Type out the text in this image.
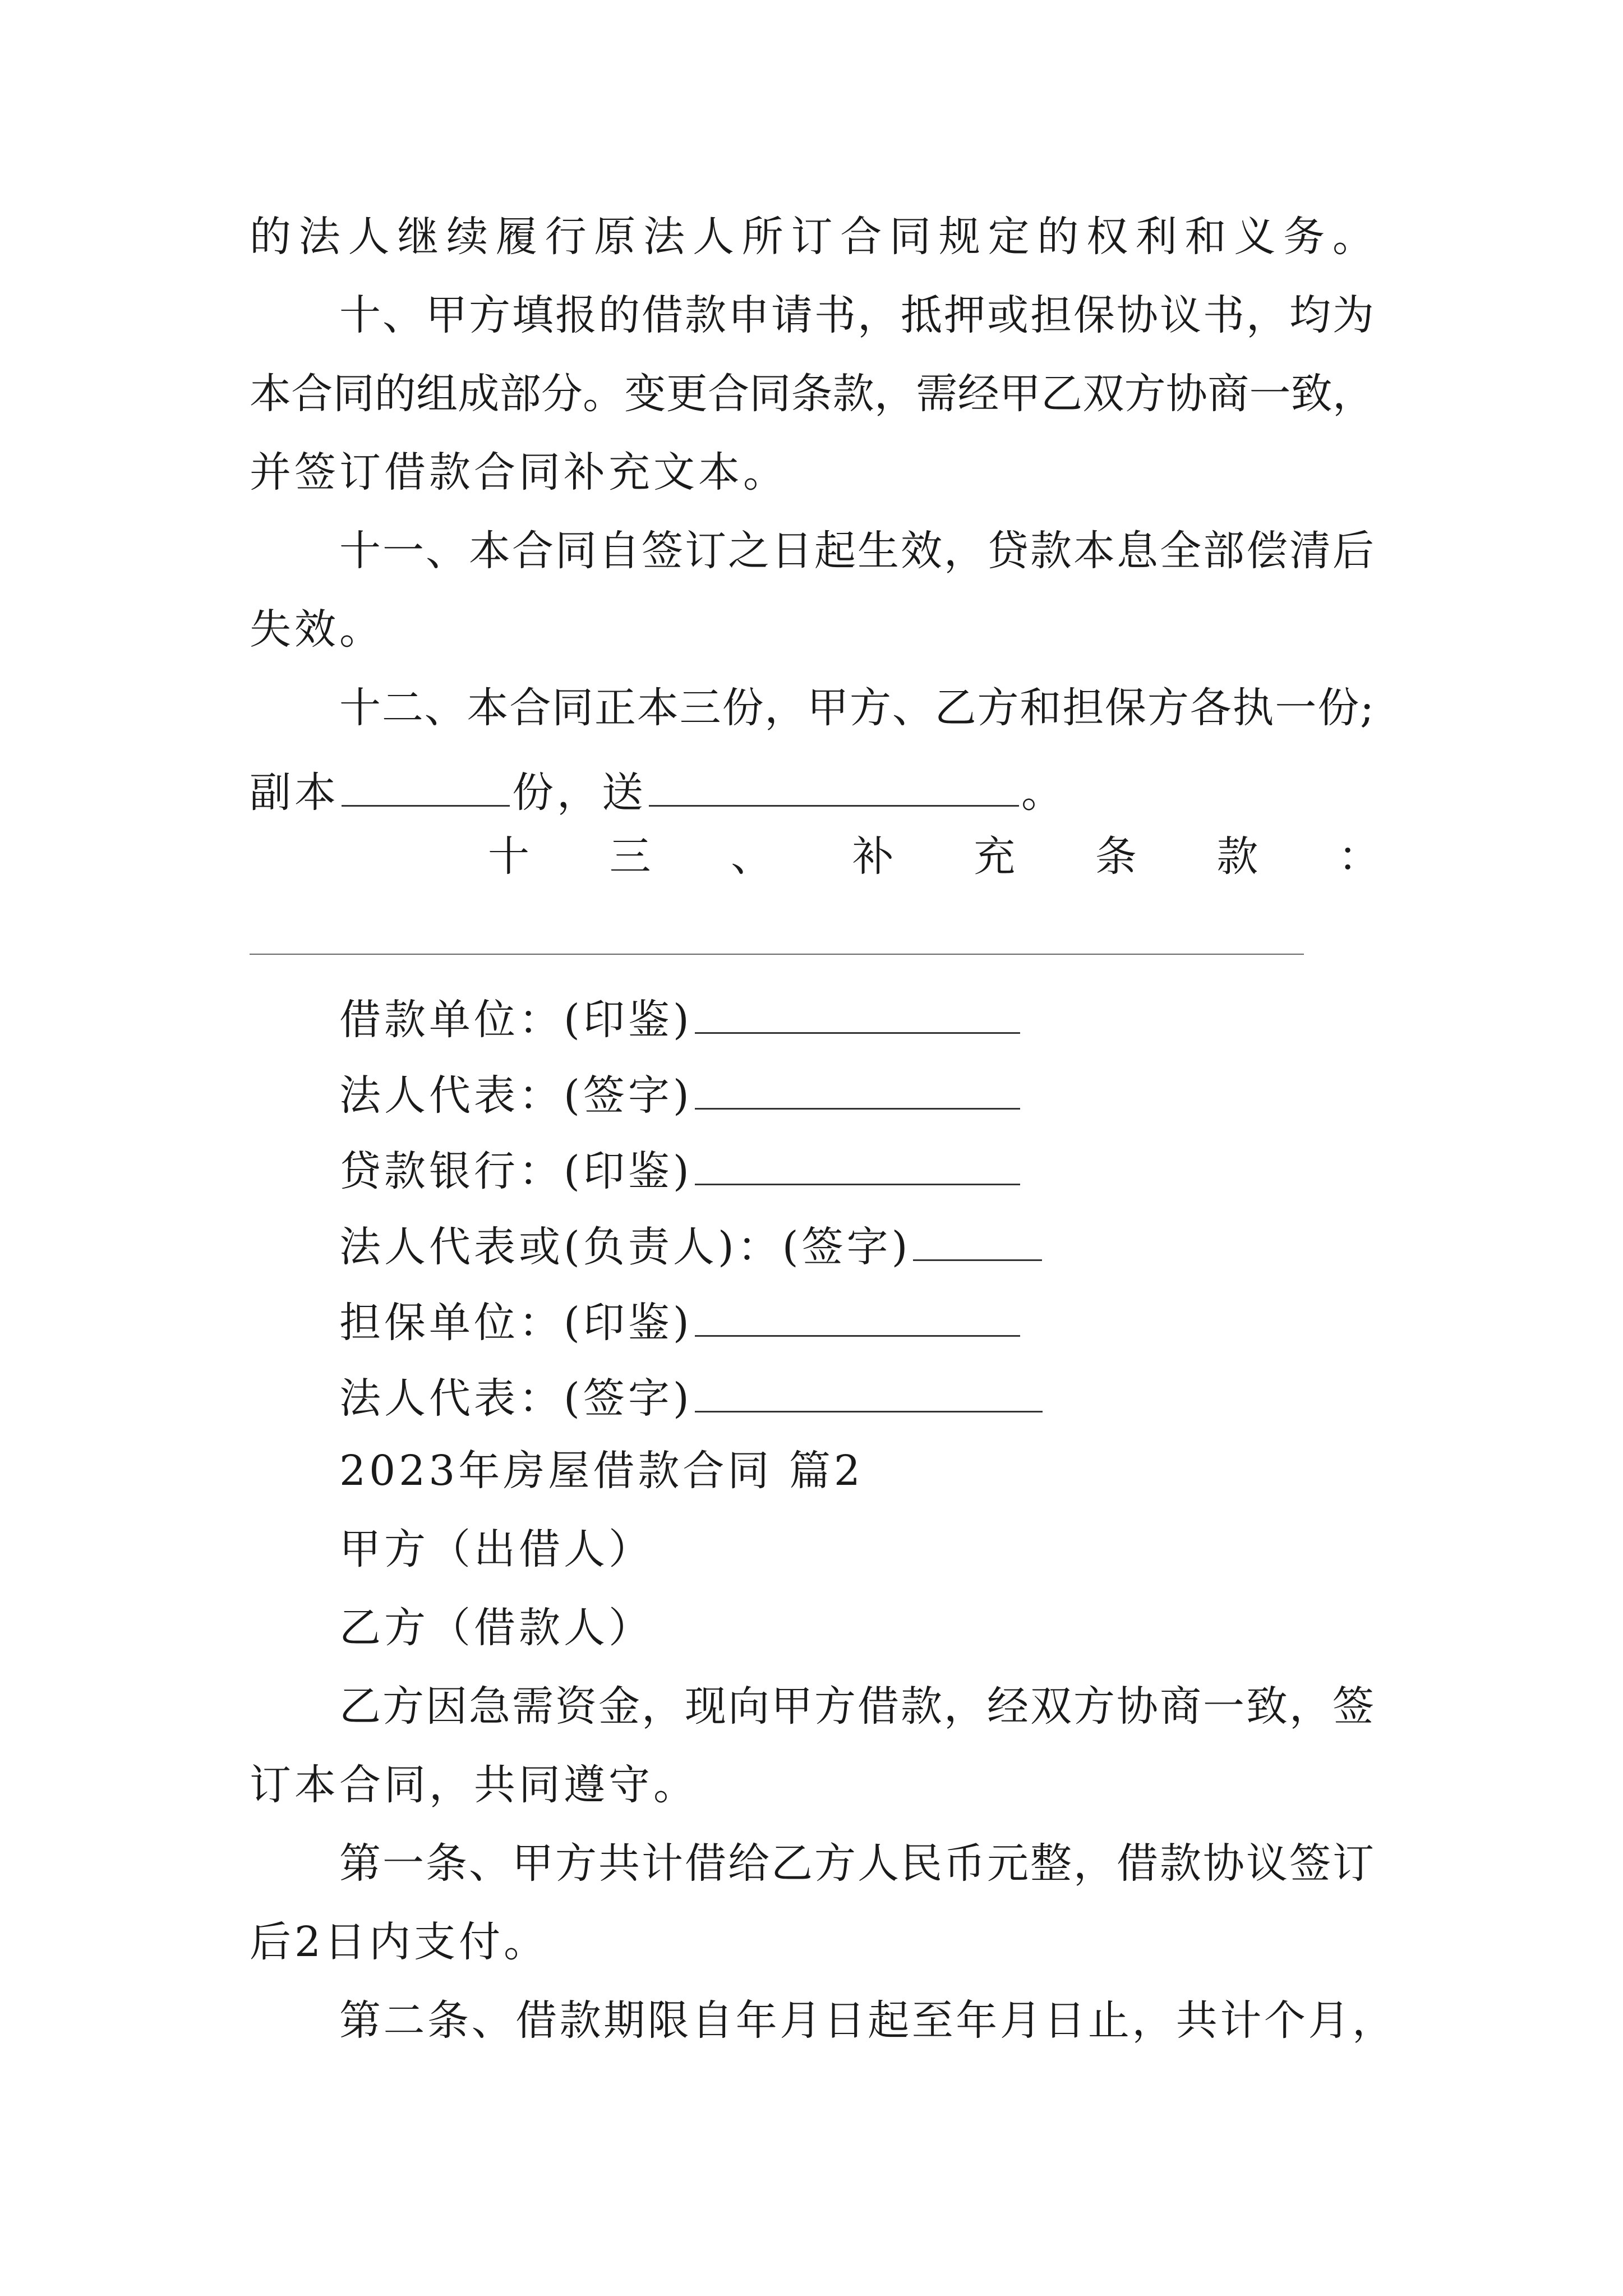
的法人继续履行原法人所订合同规定的权利和义务。
十、甲方填报的借款申请书，抵押或担保协议书，均为
本合同的组成部分。变更合同条款，需经甲乙双方协商一致，
并签订借款合同补充文本。
十一、本合同自签订之日起生效，贷款本息全部偿清后
失效。
十二、本合同正本三份，甲方、乙方和担保方各执一份;
副本	份，送	。
十 三 、 补 充 条 款 ：
借款单位：(印鉴)
法人代表：(签字)
贷款银行：(印鉴)
法人代表或(负责人)：(签字)
担保单位：(印鉴)
法人代表：(签字)
2023年房屋借款合同 篇2
甲方（出借人）
乙方（借款人）
乙方因急需资金，现向甲方借款，经双方协商一致，签
订本合同，共同遵守。
第一条、甲方共计借给乙方人民币元整，借款协议签订
后2日内支付。
第二条、借款期限自年月日起至年月日止，共计个月，
